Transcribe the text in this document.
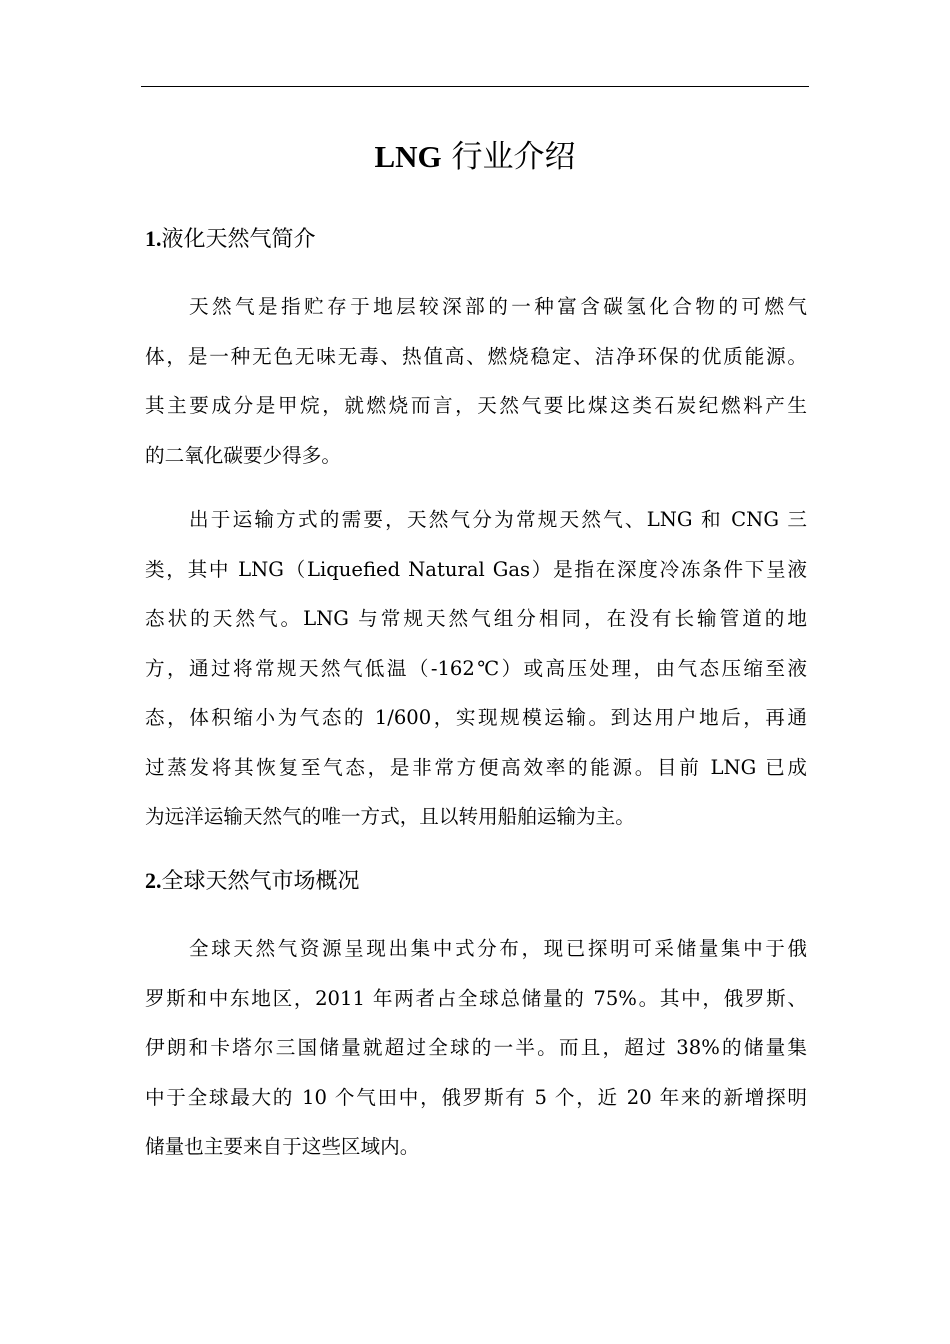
LNG 行业介绍
1.液化天然气简介
天然气是指贮存于地层较深部的一种富含碳氢化合物的可燃气
体，是一种无色无味无毒、热值高、燃烧稳定、洁净环保的优质能源。
其主要成分是甲烷，就燃烧而言，天然气要比煤这类石炭纪燃料产生
的二氧化碳要少得多。
出于运输方式的需要，天然气分为常规天然气、LNG 和 CNG 三
类，其中 LNG（Liquefied Natural Gas）是指在深度冷冻条件下呈液
态状的天然气。LNG 与常规天然气组分相同，在没有长输管道的地
方，通过将常规天然气低温（-162℃）或高压处理，由气态压缩至液
态，体积缩小为气态的 1/600，实现规模运输。到达用户地后，再通
过蒸发将其恢复至气态，是非常方便高效率的能源。目前 LNG 已成
为远洋运输天然气的唯一方式，且以转用船舶运输为主。
2.全球天然气市场概况
全球天然气资源呈现出集中式分布，现已探明可采储量集中于俄
罗斯和中东地区，2011 年两者占全球总储量的 75%。其中，俄罗斯、
伊朗和卡塔尔三国储量就超过全球的一半。而且，超过 38%的储量集
中于全球最大的 10 个气田中，俄罗斯有 5 个，近 20 年来的新增探明
储量也主要来自于这些区域内。
